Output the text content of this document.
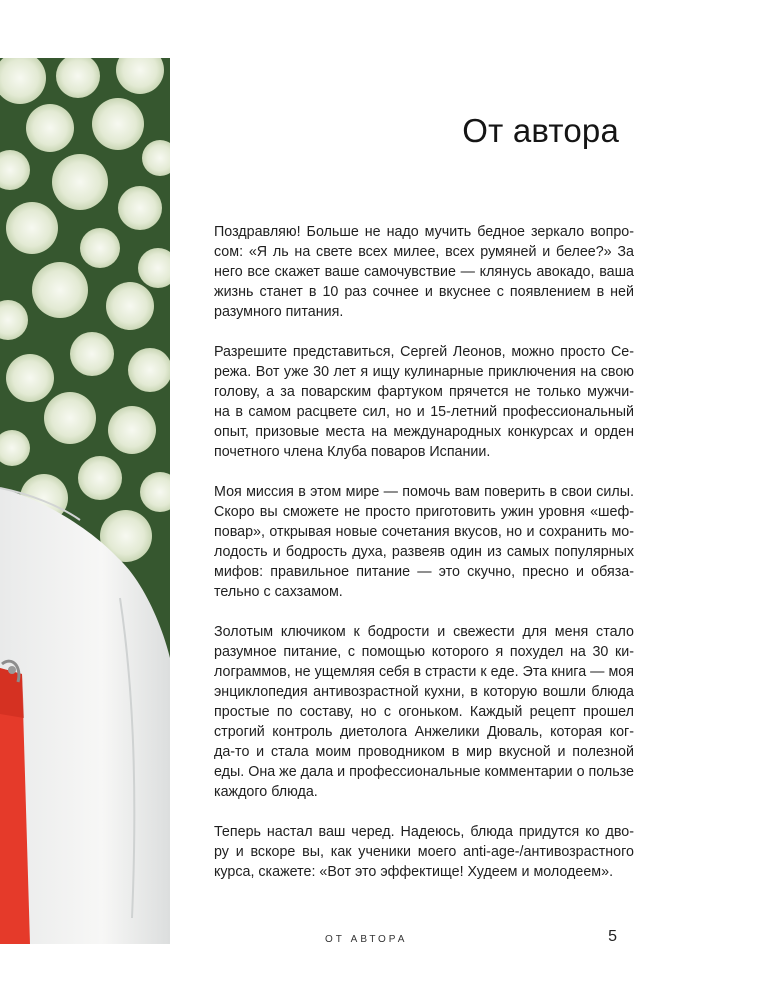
От автора

Поздравляю! Больше не надо мучить бедное зеркало вопро-
сом: «Я ль на свете всех милее, всех румяней и белее?» За
него все скажет ваше самочувствие — клянусь авокадо, ваша
жизнь станет в 10 раз сочнее и вкуснее с появлением в ней
разумного питания.

Разрешите представиться, Сергей Леонов, можно просто Се-
режа. Вот уже 30 лет я ищу кулинарные приключения на свою
голову, а за поварским фартуком прячется не только мужчи-
на в самом расцвете сил, но и 15-летний профессиональный
опыт, призовые места на международных конкурсах и орден
почетного члена Клуба поваров Испании.

Моя миссия в этом мире — помочь вам поверить в свои силы.
Скоро вы сможете не просто приготовить ужин уровня «шеф-
повар», открывая новые сочетания вкусов, но и сохранить мо-
лодость и бодрость духа, развеяв один из самых популярных
мифов: правильное питание — это скучно, пресно и обяза-
тельно с сахзамом.

Золотым ключиком к бодрости и свежести для меня стало
разумное питание, с помощью которого я похудел на 30 ки-
лограммов, не ущемляя себя в страсти к еде. Эта книга — моя
энциклопедия антивозрастной кухни, в которую вошли блюда
простые по составу, но с огоньком. Каждый рецепт прошел
строгий контроль диетолога Анжелики Дюваль, которая ког-
да-то и стала моим проводником в мир вкусной и полезной
еды. Она же дала и профессиональные комментарии о пользе
каждого блюда.

Теперь настал ваш черед. Надеюсь, блюда придутся ко дво-
ру и вскоре вы, как ученики моего anti-age-/антивозрастного
курса, скажете: «Вот это эффектище! Худеем и молодеем».

ОТ АВТОРА	5
